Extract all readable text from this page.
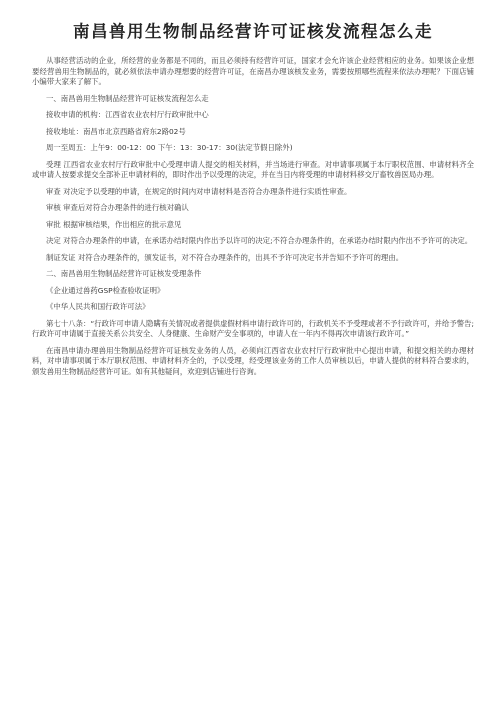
南昌兽用生物制品经营许可证核发流程怎么走

从事经营活动的企业，所经营的业务都是不同的，而且必须持有经营许可证，国家才会允许该企业经营相应的业务。如果该企业想要经营兽用生物制品的，就必须依法申请办理想要的经营许可证，在南昌办理该核发业务，需要按照哪些流程来依法办理呢？下面店铺小编带大家来了解下。

一、南昌兽用生物制品经营许可证核发流程怎么走

接收申请的机构：江西省农业农村厅行政审批中心

接收地址：南昌市北京西路省府东2路02号

周一至周五：上午9：00-12：00 下午：13：30-17：30(法定节假日除外)

受理 江西省农业农村厅行政审批中心受理申请人提交的相关材料，并当场进行审查。对申请事项属于本厅职权范围、申请材料齐全或申请人按要求提交全部补正申请材料的，即时作出予以受理的决定，并在当日内将受理的申请材料移交厅畜牧兽医局办理。

审查 对决定予以受理的申请，在规定的时间内对申请材料是否符合办理条件进行实质性审查。

审核 审查后对符合办理条件的进行核对确认

审批 根据审核结果，作出相应的批示意见

决定 对符合办理条件的申请，在承诺办结时限内作出予以许可的决定;不符合办理条件的，在承诺办结时限内作出不予许可的决定。

制证发证 对符合办理条件的，颁发证书，对不符合办理条件的，出具不予许可决定书并告知不予许可的理由。

二、南昌兽用生物制品经营许可证核发受理条件

《企业通过兽药GSP检查验收证明》

《中华人民共和国行政许可法》

第七十八条：“行政许可申请人隐瞒有关情况或者提供虚假材料申请行政许可的，行政机关不予受理或者不予行政许可，并给予警告;行政许可申请属于直接关系公共安全、人身健康、生命财产安全事项的，申请人在一年内不得再次申请该行政许可。”

在南昌申请办理兽用生物制品经营许可证核发业务的人员，必须向江西省农业农村厅行政审批中心提出申请，和提交相关的办理材料，对申请事项属于本厅职权范围、申请材料齐全的，予以受理，经受理该业务的工作人员审核以后，申请人提供的材料符合要求的，颁发兽用生物制品经营许可证。如有其他疑问，欢迎到店铺进行咨询。
